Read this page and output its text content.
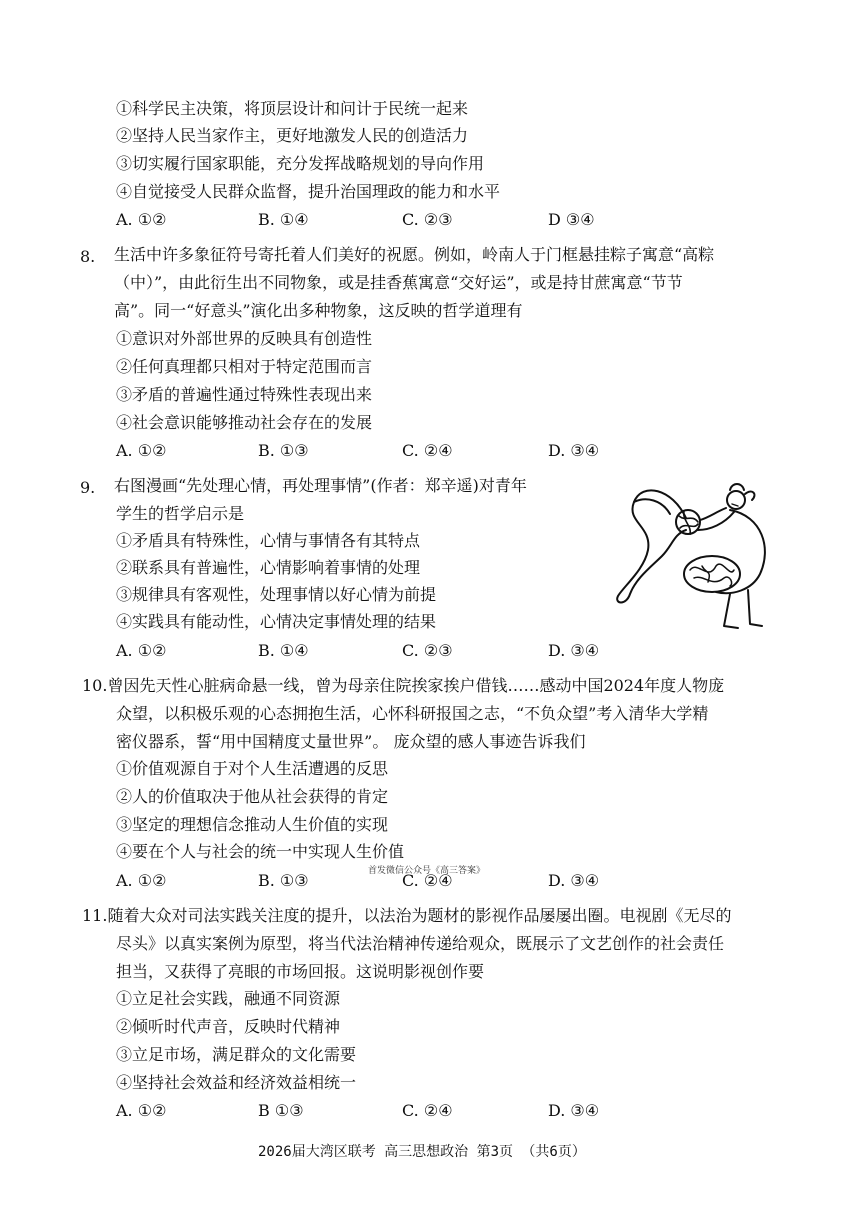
①科学民主决策，将顶层设计和问计于民统一起来
②坚持人民当家作主，更好地激发人民的创造活力
③切实履行国家职能，充分发挥战略规划的导向作用
④自觉接受人民群众监督，提升治国理政的能力和水平
A. ①②	B. ①④	C. ②③	D ③④
8. 生活中许多象征符号寄托着人们美好的祝愿。例如，岭南人于门框悬挂粽子寓意“高粽
（中）”，由此衍生出不同物象，或是挂香蕉寓意“交好运”，或是持甘蔗寓意“节节
高”。同一“好意头”演化出多种物象，这反映的哲学道理有
①意识对外部世界的反映具有创造性
②任何真理都只相对于特定范围而言
③矛盾的普遍性通过特殊性表现出来
④社会意识能够推动社会存在的发展
A. ①②	B. ①③	C. ②④	D. ③④
9. 右图漫画“先处理心情，再处理事情”(作者：郑辛遥)对青年
学生的哲学启示是
①矛盾具有特殊性，心情与事情各有其特点
②联系具有普遍性，心情影响着事情的处理
③规律具有客观性，处理事情以好心情为前提
④实践具有能动性，心情决定事情处理的结果
A. ①②	B. ①④	C. ②③	D. ③④
10.曾因先天性心脏病命悬一线，曾为母亲住院挨家挨户借钱……感动中国2024年度人物庞
众望，以积极乐观的心态拥抱生活，心怀科研报国之志，“不负众望”考入清华大学精
密仪器系，誓“用中国精度丈量世界”。 庞众望的感人事迹告诉我们
①价值观源自于对个人生活遭遇的反思
②人的价值取决于他从社会获得的肯定
③坚定的理想信念推动人生价值的实现
④要在个人与社会的统一中实现人生价值
首发微信公众号《高三答案》
A. ①②	B. ①③	C. ②④	D. ③④
11.随着大众对司法实践关注度的提升，以法治为题材的影视作品屡屡出圈。电视剧《无尽的
尽头》以真实案例为原型，将当代法治精神传递给观众，既展示了文艺创作的社会责任
担当，又获得了亮眼的市场回报。这说明影视创作要
①立足社会实践，融通不同资源
②倾听时代声音，反映时代精神
③立足市场，满足群众的文化需要
④坚持社会效益和经济效益相统一
A. ①②	B ①③	C. ②④	D. ③④
2026届大湾区联考 高三思想政治 第3页 （共6页）
